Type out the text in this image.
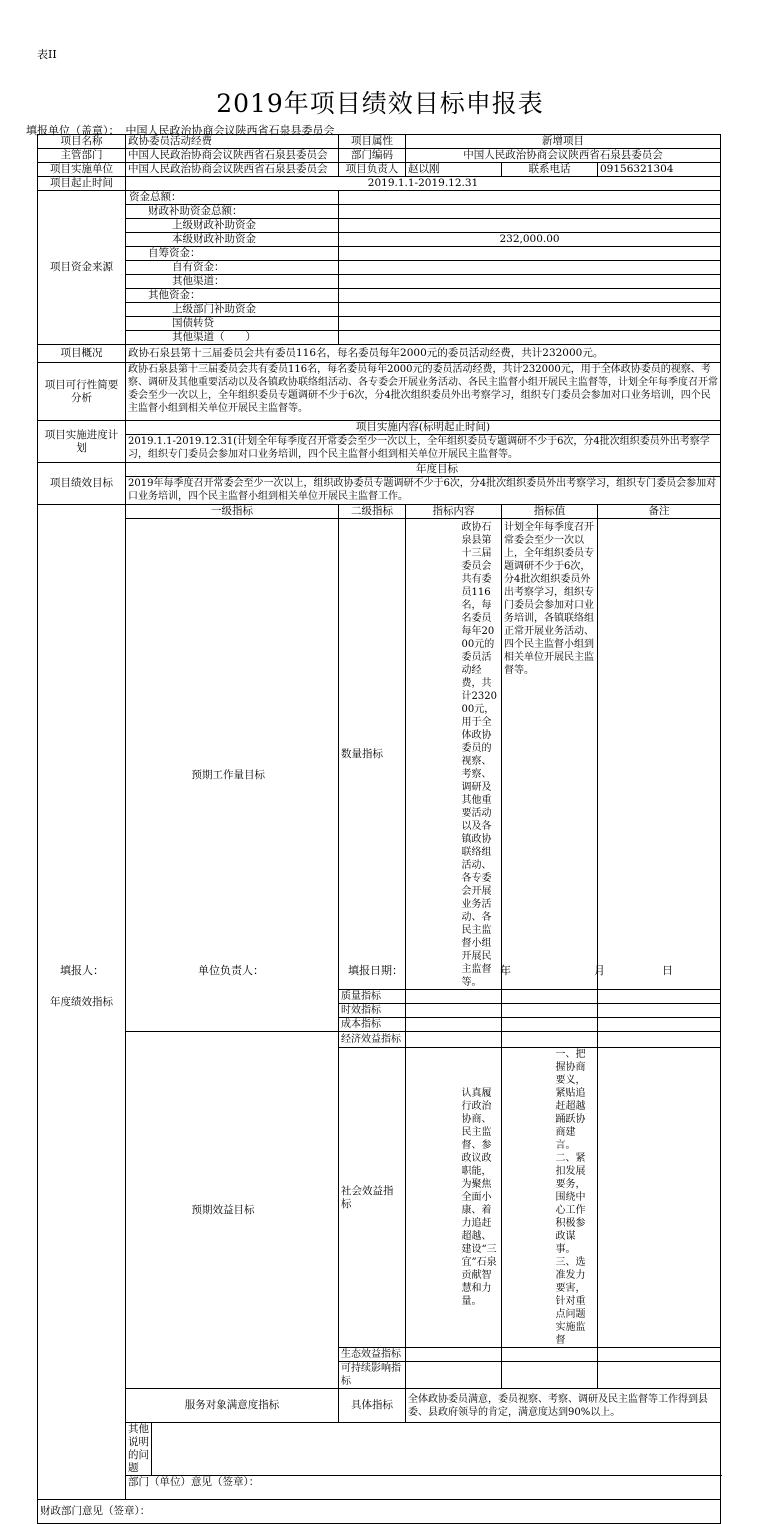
表II
2019年项目绩效目标申报表
填报单位（盖章）： 中国人民政治协商会议陕西省石泉县委员会
项目名称	政协委员活动经费		项目属性	新增项目				
主管部门	中国人民政治协商会议陕西省石泉县委员会		部门编码	中国人民政治协商会议陕西省石泉县委员会				
项目实施单位	中国人民政治协商会议陕西省石泉县委员会		项目负责人	赵以刚		联系电话		09156321304
项目起止时间	2019.1.1-2019.12.31							
项目资金来源	资金总额：							
	财政补助资金总额：							
	上级财政补助资金							
	本级财政补助资金		232,000.00					
	自筹资金：							
	自有资金：							
	其他渠道：							
	其他资金：							
	上级部门补助资金							
	国债转贷							
	其他渠道（　　）							
项目概况	政协石泉县第十三届委员会共有委员116名，每名委员每年2000元的委员活动经费，共计232000元。							
项目可行性简要分析	政协石泉县第十三届委员会共有委员116名，每名委员每年2000元的委员活动经费，共计232000元，用于全体政协委员的视察、考察、调研及其他重要活动以及各镇政协联络组活动、各专委会开展业务活动、各民主监督小组开展民主监督等，计划全年每季度召开常委会至少一次以上，全年组织委员专题调研不少于6次，分4批次组织委员外出考察学习，组织专门委员会参加对口业务培训，四个民主监督小组到相关单位开展民主监督等。							
项目实施进度计划	项目实施内容(标明起止时间)							
	2019.1.1-2019.12.31(计划全年每季度召开常委会至少一次以上，全年组织委员专题调研不少于6次，分4批次组织委员外出考察学习，组织专门委员会参加对口业务培训，四个民主监督小组到相关单位开展民主监督等。							
项目绩效目标	年度目标							
	2019年每季度召开常委会至少一次以上，组织政协委员专题调研不少于6次，分4批次组织委员外出考察学习，组织专门委员会参加对口业务培训，四个民主监督小组到相关单位开展民主监督工作。							
年度绩效指标	一级指标		二级指标	指标内容		指标值		备注
		预期工作量目标	数量指标		政协石泉县第十三届委员会共有委员116名，每名委员每年2000元的委员活动经费，共计232000元，用于全体政协委员的视察、考察、调研及其他重要活动以及各镇政协联络组活动、各专委会开展业务活动、各民主监督小组开展民主监督等。	计划全年每季度召开常委会至少一次以上，全年组织委员专题调研不少于6次，分4批次组织委员外出考察学习，组织专门委员会参加对口业务培训，各镇联络组正常开展业务活动、四个民主监督小组到相关单位开展民主监督等。		
			质量指标					
			时效指标					
			成本指标					
		预期效益目标	经济效益指标					
			社会效益指标		认真履行政治协商、民主监督、参政议政职能，为聚焦全面小康、着力追赶超越、建设“三宜”石泉贡献智慧和力量。		一、把握协商要义，紧贴追赶超越踊跃协商建言。二、紧扣发展要务，围绕中心工作积极参政谋事。三、选准发力要害，针对重点问题实施监督	
			生态效益指标					
			可持续影响指标					
	服务对象满意度指标		具体指标	全体政协委员满意，委员视察、考察、调研及民主监督等工作得到县委、县政府领导的肯定，满意度达到90%以上。				
	其他说明的问题							
	部门（单位）意见（签章）：							
财政部门意见（签章）：								
填报人：	单位负责人：	填报日期：	年	月	日
